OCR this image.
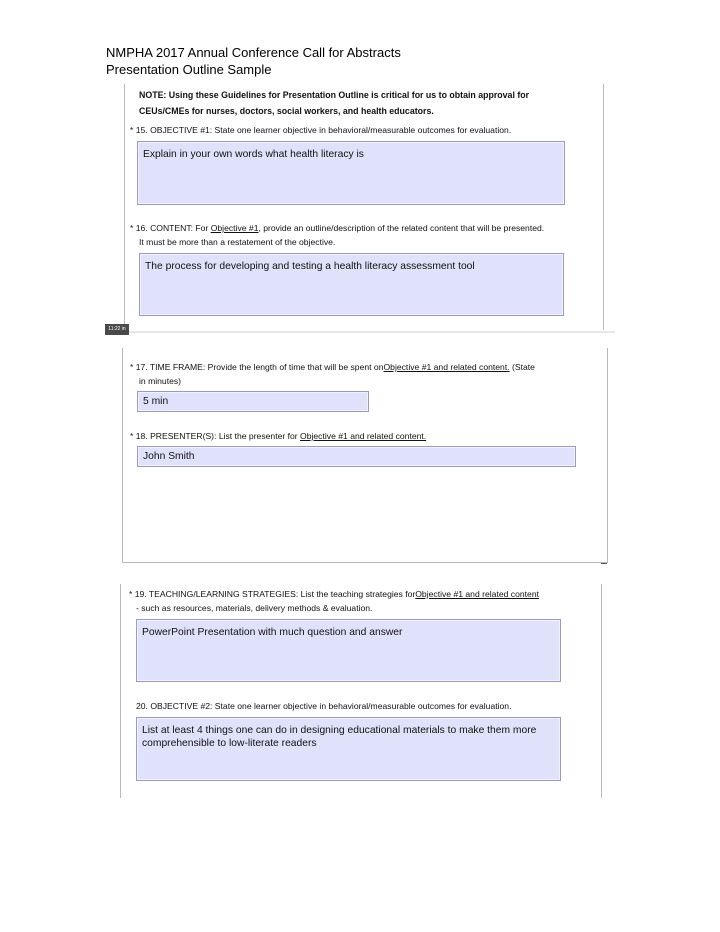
NMPHA 2017 Annual Conference Call for Abstracts
Presentation Outline Sample
NOTE: Using these Guidelines for Presentation Outline is critical for us to obtain approval for
CEUs/CMEs for nurses, doctors, social workers, and health educators.
* 15. OBJECTIVE #1: State one learner objective in behavioral/measurable outcomes for evaluation.
Explain in your own words what health literacy is
* 16. CONTENT: For Objective #1, provide an outline/description of the related content that will be presented.
It must be more than a restatement of the objective.
The process for developing and testing a health literacy assessment tool
11:22 in
* 17. TIME FRAME: Provide the length of time that will be spent onObjective #1 and related content. (State
in minutes)
5 min
* 18. PRESENTER(S): List the presenter for Objective #1 and related content.
John Smith
* 19. TEACHING/LEARNING STRATEGIES: List the teaching strategies forObjective #1 and related content
- such as resources, materials, delivery methods & evaluation.
PowerPoint Presentation with much question and answer
20. OBJECTIVE #2: State one learner objective in behavioral/measurable outcomes for evaluation.
List at least 4 things one can do in designing educational materials to make them more comprehensible to low-literate readers
